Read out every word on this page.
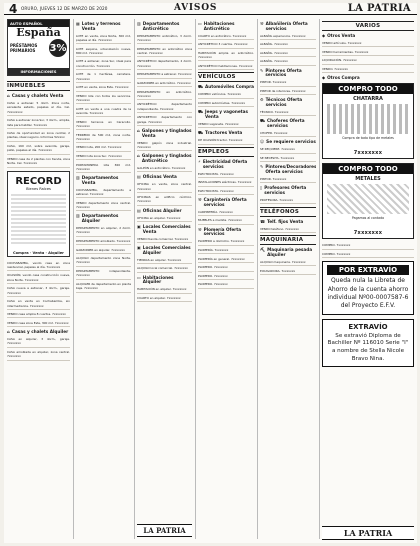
4 ORURO, JUEVES 12 DE MARZO DE 2020	AVISOS	LA PATRIA
AUTO ESPAÑOL
España
PRÉSTAMOS
PRIMARIOS 3%
INFORMACIONES
INMUEBLES
⌂ Casas y chalets Venta

CASA a estrenar. 5 dorm. Zona norte, excelente estado, papeles al día. Cel. 7xxxxxxxx

CASA a estrenar zona Sur, 3 dorm., amplia, lista para habitar. 7xxxxxxx

CASA de oportunidad en zona central, 2 plantas, ideal negocio. Informes 52xxxx

CASA, 160 m2, sobre avenida, garaje, patio, papeles al día. 7xxxxxxx

VENDO casa de 2 plantas con tienda, zona Norte. Cel. 7xxxxxxx

RECORD
Bienes Raíces
Compra · Venta · Alquiler

COCHABAMBA, vendo casa en zona residencial, papeles al día. 7xxxxxxx

OCASIÓN, vendo casa construcción nueva, zona Norte. 7xxxxxxx

CASA nueva a estrenar, 3 dorm., garaje. 7xxxxxxx

CASA en venta en Cochabamba, sin intermediarios. 7xxxxxxx

VENDO casa amplia 8 cuartos. 7xxxxxxx

VENDO casa zona Este, 300 m2. 7xxxxxxx

⌂ Casas y chalets Alquiler

CASA en alquiler, 3 dorm., garaje. 7xxxxxxx

CASA amoblada en alquiler, zona central. 7xxxxxxx

▦ Lotes y terrenos Venta

LOTE en venta, zona Norte, 300 m2, papeles al día. 7xxxxxxx

LOTE esquina, urbanización nueva, 800 m2. 7xxxxxxx

LOTE a estrenar, zona Sur, ideal para construcción. 7xxxxxxx

LOTE de 1 hectárea, carretera. 7xxxxxxx

LOTE en venta, zona Este. 7xxxxxxx

VENDO lote con todos los servicios. 7xxxxxxx

LOTE en venta a una cuadra de la avenida. 7xxxxxxx

VENDO terrenos en Caracollo. 7xxxxxxx

TERRENO de 500 m2, zona norte. 7xxxxxxx

VENDO lote, 200 m2. 7xxxxxxx

VENDO lote zona Sur. 7xxxxxxx

PORTAMONEDA lote 360 m2. 7xxxxxxx

▥ Departamentos Venta

COCHABAMBA, departamento a estrenar. 7xxxxxxx

VENDO departamento zona central. 7xxxxxxx

▥ Departamentos Alquiler

DEPARTAMENTO en alquiler, 2 dorm. 7xxxxxxx

DEPARTAMENTO amoblado. 7xxxxxxx

GARZONIER en alquiler. 7xxxxxxx

ALQUILO departamento zona Norte. 7xxxxxxx

DEPARTAMENTO independiente. 7xxxxxxx

ALQUILER de departamento en planta baja. 7xxxxxxx

▥ Departamentos Anticrético

DEPARTAMENTO anticrético, 3 dorm. 7xxxxxxx

DEPARTAMENTO en anticrético zona central. 7xxxxxxx

ANTICRÉTICO departamento, 2 dorm. 7xxxxxxx

DEPARTAMENTO a estrenar. 7xxxxxxx

GARZONIER en anticrético. 7xxxxxxx

DEPARTAMENTO en anticrético. 7xxxxxxx

ANTICRÉTICO departamento independiente. 7xxxxxxx

ANTICRETICO departamento con garaje. 7xxxxxxx

⌂ Galpones y tinglados Venta

VENDO galpón zona industrial. 7xxxxxxx

⌂ Galpones y tinglados Anticrético

GALPÓN en anticrético. 7xxxxxxx

▤ Oficinas Venta

OFICINA en venta, zona central. 7xxxxxxx

OFICINAS en edificio céntrico. 7xxxxxxx

▤ Oficinas Alquiler

OFICINA en alquiler. 7xxxxxxx

▣ Locales Comerciales Venta

VENDO tienda comercial. 7xxxxxxx

▣ Locales Comerciales Alquiler

TIENDAS en alquiler. 7xxxxxxx

ALQUILO local comercial. 7xxxxxxx

▭ Habitaciones Alquiler

HABITACIÓN en alquiler. 7xxxxxxx

CUARTO en alquiler. 7xxxxxxx

LA PATRIA
▭ Habitaciones Anticrético

CUARTO en anticrético. 7xxxxxxx

ANTICRETICO 3 cuartos. 7xxxxxxx

HABITACIÓN amplia en anticrético. 7xxxxxxx

ANTICRÉTICO habitaciones. 7xxxxxxx

VEHÍCULOS
⛟ Automóviles Compra

COMPRO vehículos. 7xxxxxxx

COMPRO automóviles. 7xxxxxxx

⛟ Jeeps y vagonetas Venta

VENDO vagoneta. 7xxxxxxx

⛟ Tractores Venta

DE OCASIÓN tractor. 7xxxxxxx

EMPLEOS
⚡ Electricidad Oferta servicios

ELECTRICISTA. 7xxxxxxx

INSTALACIONES eléctricas. 7xxxxxxx

ELECTRICISTA. 7xxxxxxx

⚒ Carpintería Oferta servicios

CARPINTERÍA. 7xxxxxxx

MUEBLES a medida. 7xxxxxxx

⚒ Plomería Oferta servicios

PLOMERO a domicilio. 7xxxxxxx

PLOMERÍA. 7xxxxxxx

PLOMERÍA en general. 7xxxxxxx

PLOMERO. 7xxxxxxx

PLOMERO. 7xxxxxxx

PLOMERO. 7xxxxxxx

⚒ Albañilería Oferta servicios

ALBAÑIL experiencia. 7xxxxxxx

ALBAÑIL. 7xxxxxxx

ALBAÑIL. 7xxxxxxx

ALBAÑIL. 7xxxxxxx

✎ Pintores Oferta servicios

PINTOR. 7xxxxxxx

PINTOR de interiores. 7xxxxxxx

⚙ Técnicos Oferta servicios

TÉCNICO. 7xxxxxxx

⛟ Choferes Oferta servicios

CHOFER. 7xxxxxxx

☺ Se requiere servicios

SE REQUIERE. 7xxxxxxx

SE NECESITA. 7xxxxxxx

✎ Pintores/Decoradores Oferta servicios

PINTOR. 7xxxxxxx

▯ Profesores Oferta servicios

PROFESORA. 7xxxxxxx

TELÉFONOS
☎ Telf. fijos Venta

VENDO teléfono. 7xxxxxxx

MAQUINARIA
⛏ Maquinaria pesada Alquiler

ALQUILO maquinaria. 7xxxxxxx

EXCAVADORA. 7xxxxxxx

VARIOS
◆ Otros Venta

VENDO artículos. 7xxxxxxx

VENDO herramientas. 7xxxxxxx

LIQUIDACIÓN. 7xxxxxxx

VENDO. 7xxxxxxx

◆ Otros Compra
COMPRO TODO
CHATARRA
Compra de todo tipo de metales
7xxxxxxx
COMPRO TODO
METALES
Pagamos al contado
7xxxxxxx

COMPRO. 7xxxxxxx

COMPRO. 7xxxxxxx

POR EXTRAVÍO
Queda nula la Libreta de Ahorro de la cuenta ahorro individual Nº00-0007587-6 del Proyecto E.F.V.
EXTRAVÍO
Se extravió Diploma de Bachiller Nº 116010 Serie "I" a nombre de Stella Nicole Bravo Nina.
LA PATRIA
